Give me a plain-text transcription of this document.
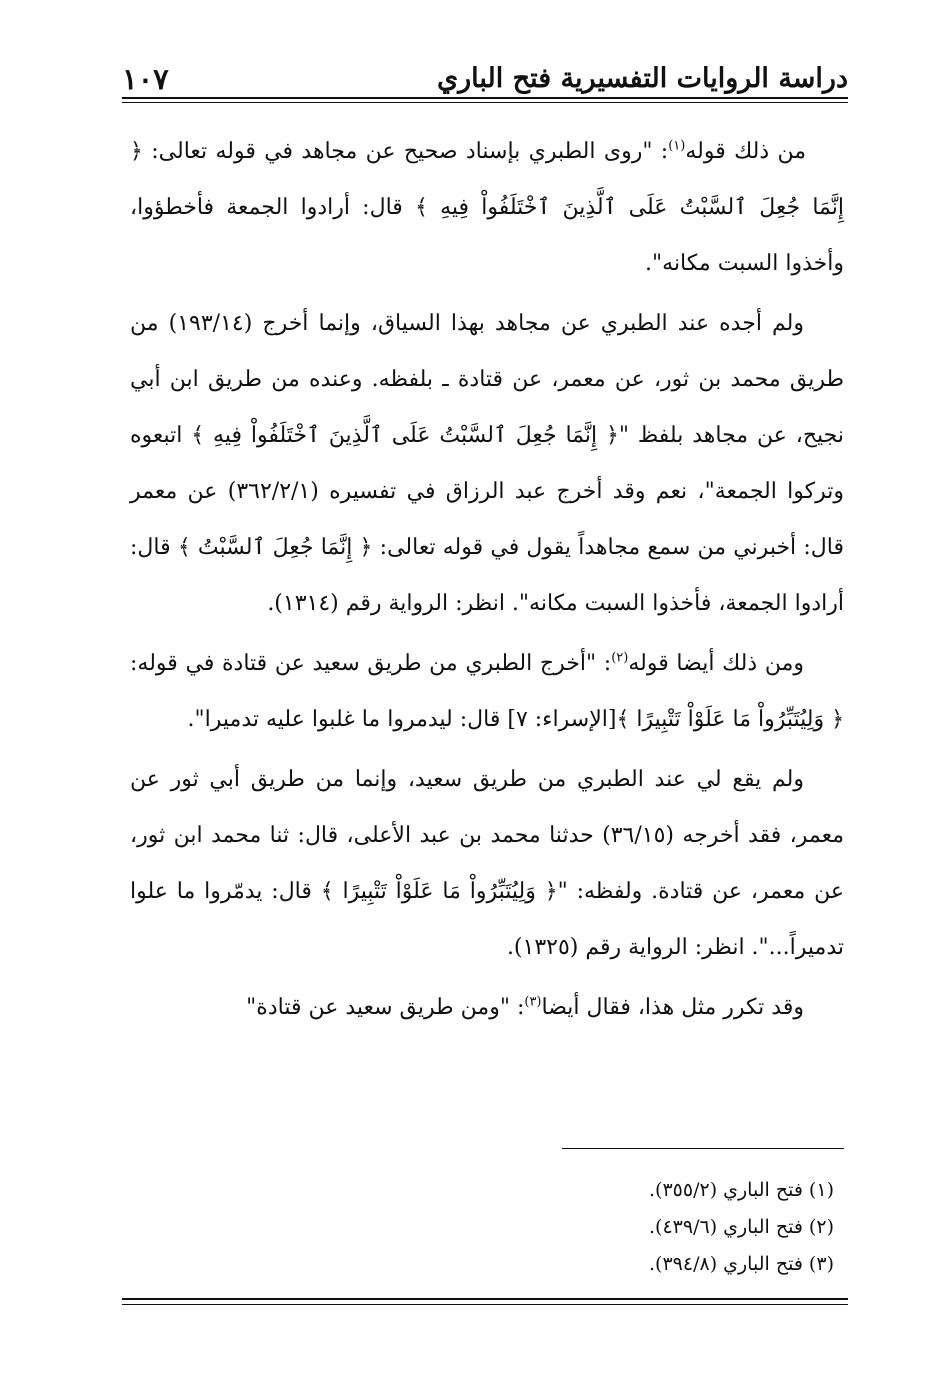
دراسة الروايات التفسيرية فتح الباري
١٠٧

من ذلك قوله$^{(١)}$: "روى الطبري بإسناد صحيح عن مجاهد في قوله تعالى: ﴿ إِنَّمَا جُعِلَ ٱلسَّبْتُ عَلَى ٱلَّذِينَ ٱخْتَلَفُواْ فِيهِ ﴾ قال: أرادوا الجمعة فأخطؤوا، وأخذوا السبت مكانه".

ولم أجده عند الطبري عن مجاهد بهذا السياق، وإنما أخرج (١٩٣/١٤) من طريق محمد بن ثور، عن معمر، عن قتادة ـ بلفظه. وعنده من طريق ابن أبي نجيح، عن مجاهد بلفظ "﴿ إِنَّمَا جُعِلَ ٱلسَّبْتُ عَلَى ٱلَّذِينَ ٱخْتَلَفُواْ فِيهِ ﴾ اتبعوه وتركوا الجمعة"، نعم وقد أخرج عبد الرزاق في تفسيره (٣٦٢/٢/١) عن معمر قال: أخبرني من سمع مجاهداً يقول في قوله تعالى: ﴿ إِنَّمَا جُعِلَ ٱلسَّبْتُ ﴾ قال: أرادوا الجمعة، فأخذوا السبت مكانه". انظر: الرواية رقم (١٣١٤).

ومن ذلك أيضا قوله$^{(٢)}$: "أخرج الطبري من طريق سعيد عن قتادة في قوله: ﴿ وَلِيُتَبِّرُواْ مَا عَلَوْاْ تَتْبِيرًا ﴾[الإسراء: ٧] قال: ليدمروا ما غلبوا عليه تدميرا".

ولم يقع لي عند الطبري من طريق سعيد، وإنما من طريق أبي ثور عن معمر، فقد أخرجه (٣٦/١٥) حدثنا محمد بن عبد الأعلى، قال: ثنا محمد ابن ثور، عن معمر، عن قتادة. ولفظه: "﴿ وَلِيُتَبِّرُواْ مَا عَلَوْاْ تَتْبِيرًا ﴾ قال: يدمّروا ما علوا تدميراً...". انظر: الرواية رقم (١٣٢٥).

وقد تكرر مثل هذا، فقال أيضا$^{(٣)}$: "ومن طريق سعيد عن قتادة"

(١) فتح الباري (٣٥٥/٢).

(٢) فتح الباري (٤٣٩/٦).

(٣) فتح الباري (٣٩٤/٨).
